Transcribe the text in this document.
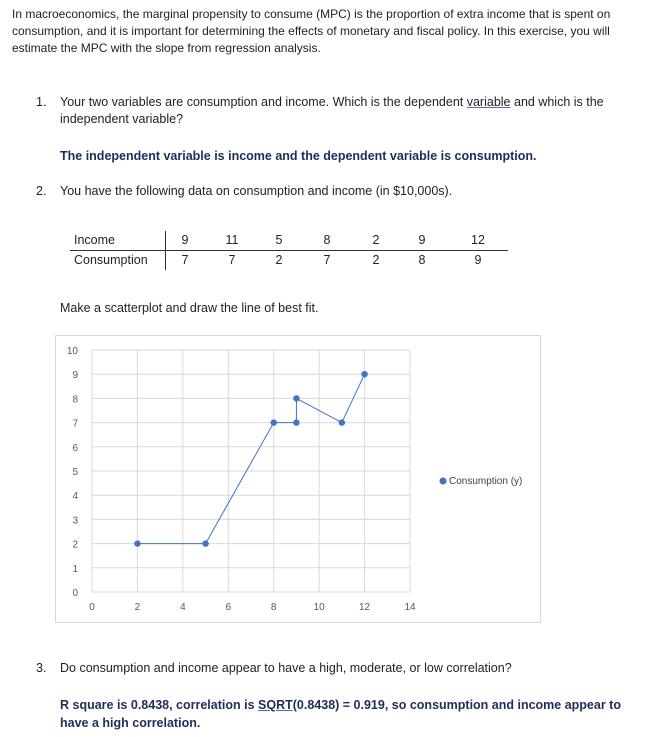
In macroeconomics, the marginal propensity to consume (MPC) is the proportion of extra income that is spent on consumption, and it is important for determining the effects of monetary and fiscal policy. In this exercise, you will estimate the MPC with the slope from regression analysis.
1. Your two variables are consumption and income. Which is the dependent variable and which is the independent variable?
The independent variable is income and the dependent variable is consumption.
2. You have the following data on consumption and income (in $10,000s).
Income	9	11	5	8	2	9	12
Consumption	7	7	2	7	2	8	9
Make a scatterplot and draw the line of best fit.
0	2	4	6	8	10	12	14
0
1
2
3
4
5
6
7
8
9
10
Consumption (y)
3. Do consumption and income appear to have a high, moderate, or low correlation?
R square is 0.8438, correlation is SQRT(0.8438) = 0.919, so consumption and income appear to have a high correlation.
